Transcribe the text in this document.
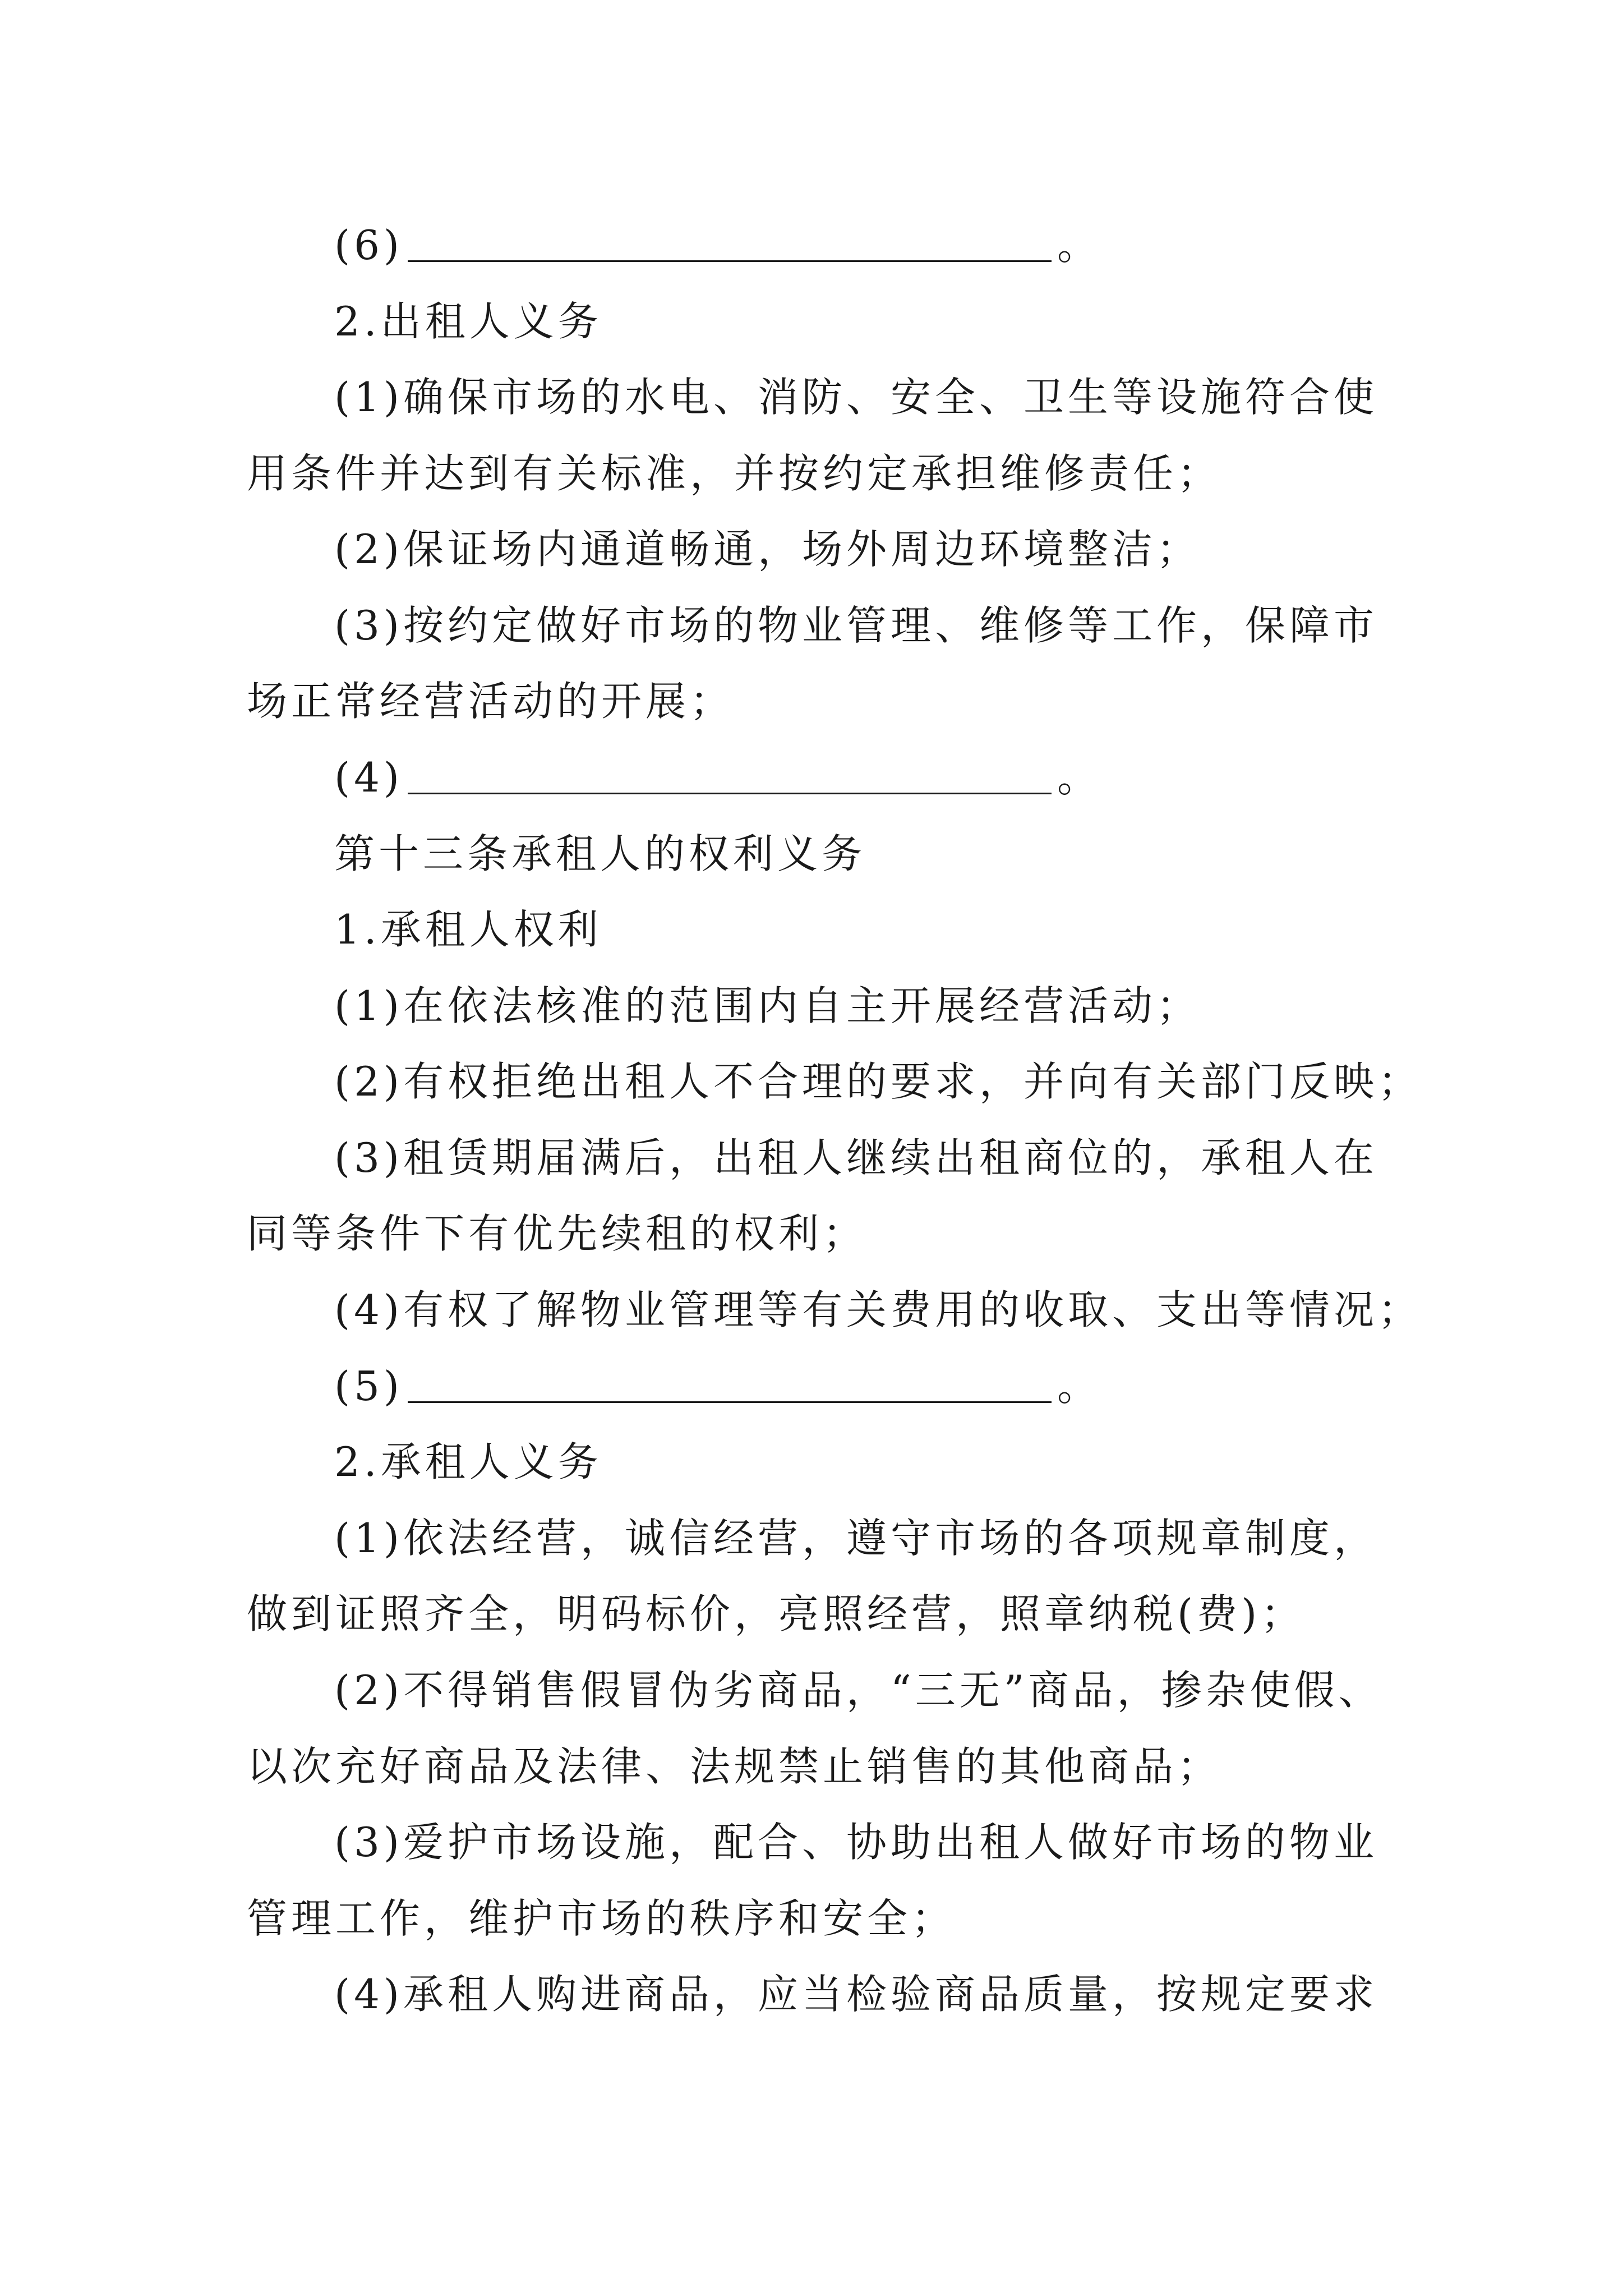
(6)	。
2.出租人义务
(1)确保市场的水电、消防、安全、卫生等设施符合使
用条件并达到有关标准，并按约定承担维修责任；
(2)保证场内通道畅通，场外周边环境整洁；
(3)按约定做好市场的物业管理、维修等工作，保障市
场正常经营活动的开展；
(4)	。
第十三条承租人的权利义务
1.承租人权利
(1)在依法核准的范围内自主开展经营活动；
(2)有权拒绝出租人不合理的要求，并向有关部门反映；
(3)租赁期届满后，出租人继续出租商位的，承租人在
同等条件下有优先续租的权利；
(4)有权了解物业管理等有关费用的收取、支出等情况；
(5)	。
2.承租人义务
(1)依法经营，诚信经营，遵守市场的各项规章制度，
做到证照齐全，明码标价，亮照经营，照章纳税(费)；
(2)不得销售假冒伪劣商品，“三无”商品，掺杂使假、
以次充好商品及法律、法规禁止销售的其他商品；
(3)爱护市场设施，配合、协助出租人做好市场的物业
管理工作，维护市场的秩序和安全；
(4)承租人购进商品，应当检验商品质量，按规定要求
